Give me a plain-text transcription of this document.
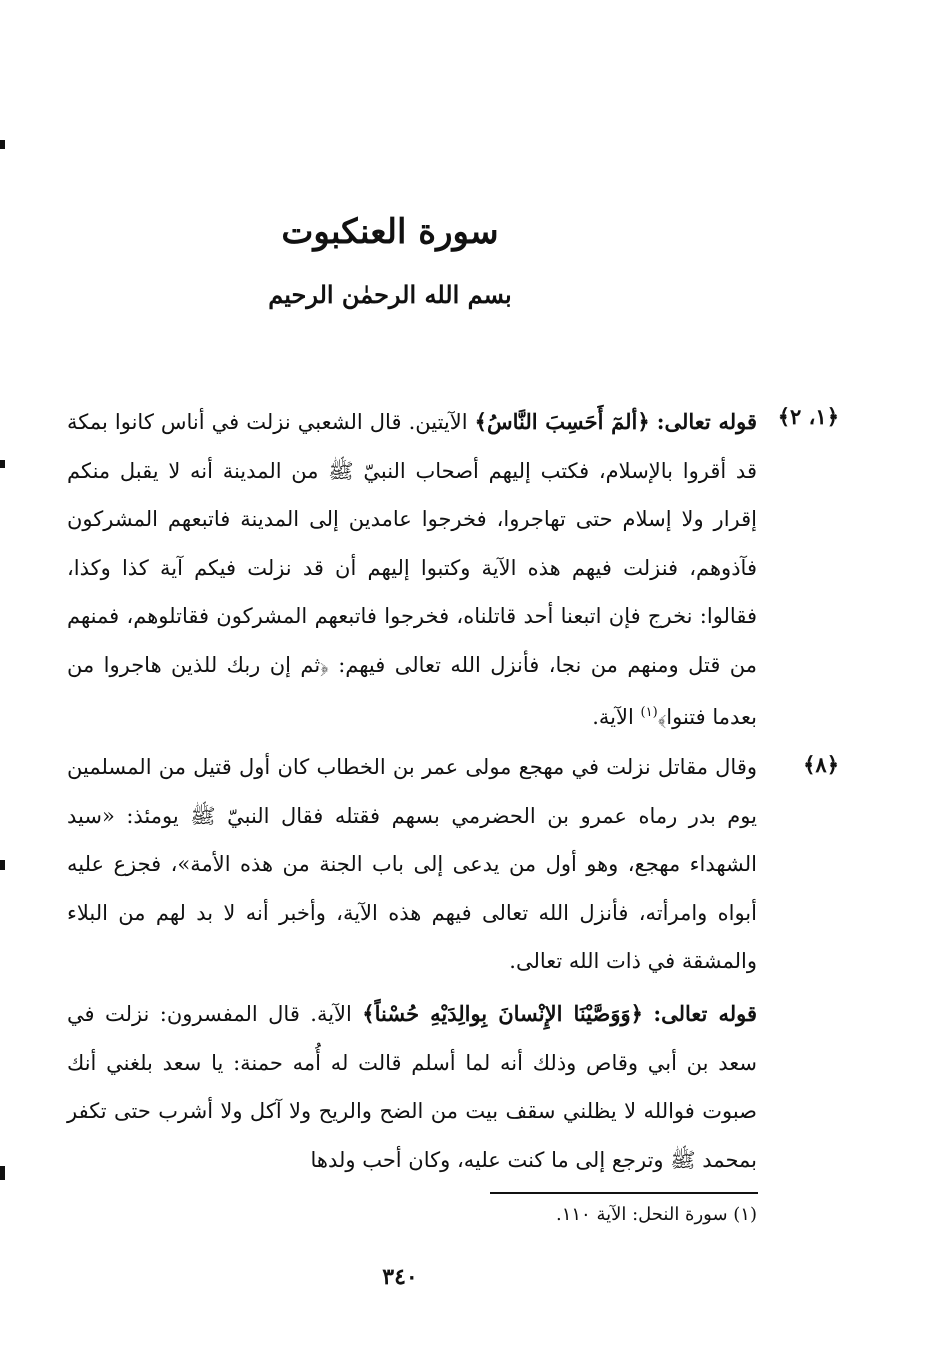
سورة العنكبوت
بسم الله الرحمٰن الرحيم
﴿١، ٢﴾

قوله تعالى: ﴿ألمٓ أَحَسِبَ النَّاسُ﴾ الآيتين. قال الشعبي نزلت في أناس كانوا بمكة قد أقروا بالإسلام، فكتب إليهم أصحاب النبيّ ﷺ من المدينة أنه لا يقبل منكم إقرار ولا إسلام حتى تهاجروا، فخرجوا عامدين إلى المدينة فاتبعهم المشركون فآذوهم، فنزلت فيهم هذه الآية وكتبوا إليهم أن قد نزلت فيكم آية كذا وكذا، فقالوا: نخرج فإن اتبعنا أحد قاتلناه، فخرجوا فاتبعهم المشركون فقاتلوهم، فمنهم من قتل ومنهم من نجا، فأنزل الله تعالى فيهم: ﴿ثم إن ربك للذين هاجروا من بعدما فتنوا﴾$^{(١)}$ الآية.

﴿٨﴾

وقال مقاتل نزلت في مهجع مولى عمر بن الخطاب كان أول قتيل من المسلمين يوم بدر رماه عمرو بن الحضرمي بسهم فقتله فقال النبيّ ﷺ يومئذ: «سيد الشهداء مهجع، وهو أول من يدعى إلى باب الجنة من هذه الأمة»، فجزع عليه أبواه وامرأته، فأنزل الله تعالى فيهم هذه الآية، وأخبر أنه لا بد لهم من البلاء والمشقة في ذات الله تعالى.

قوله تعالى: ﴿وَوَصَّيْنَا الإِنْسانَ بِوالِدَيْهِ حُسْناً﴾ الآية. قال المفسرون: نزلت في سعد بن أبي وقاص وذلك أنه لما أسلم قالت له أُمه حمنة: يا سعد بلغني أنك صبوت فوالله لا يظلني سقف بيت من الضح والريح ولا آكل ولا أشرب حتى تكفر بمحمد ﷺ وترجع إلى ما كنت عليه، وكان أحب ولدها

(١) سورة النحل: الآية ١١٠.
٣٤٠
